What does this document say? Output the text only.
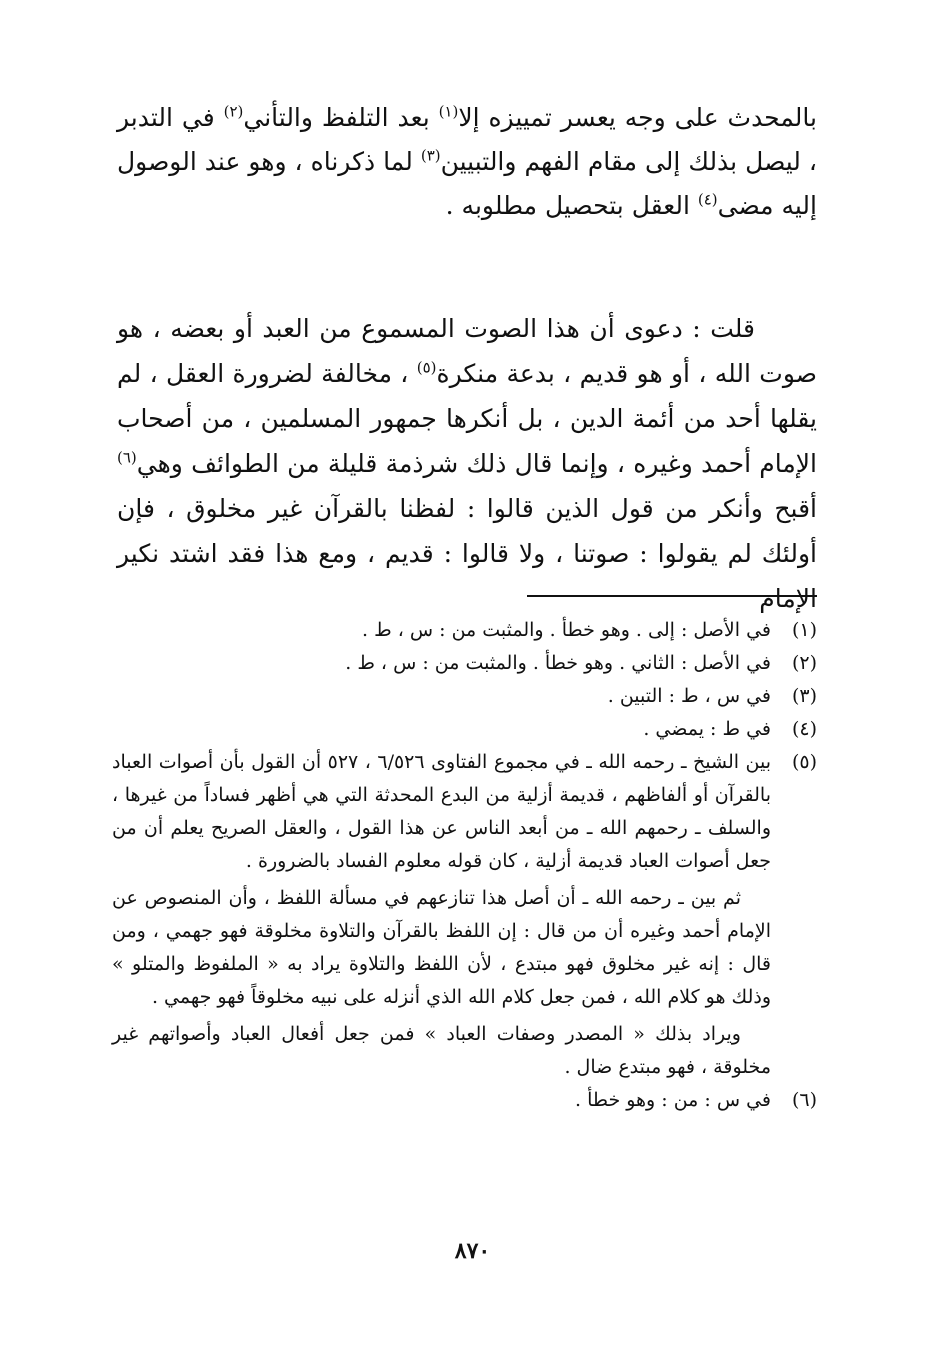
بالمحدث على وجه يعسر تمييزه إلا$^{(١)}$ بعد التلفظ والتأني$^{(٢)}$ في التدبر ، ليصل بذلك إلى مقام الفهم والتبيين$^{(٣)}$ لما ذكرناه ، وهو عند الوصول إليه مضى$^{(٤)}$ العقل بتحصيل مطلوبه .

قلت : دعوى أن هذا الصوت المسموع من العبد أو بعضه ، هو صوت الله ، أو هو قديم ، بدعة منكرة$^{(٥)}$ ، مخالفة لضرورة العقل ، لم يقلها أحد من أئمة الدين ، بل أنكرها جمهور المسلمين ، من أصحاب الإمام أحمد وغيره ، وإنما قال ذلك شرذمة قليلة من الطوائف وهي$^{(٦)}$ أقبح وأنكر من قول الذين قالوا : لفظنا بالقرآن غير مخلوق ، فإن أولئك لم يقولوا : صوتنا ، ولا قالوا : قديم ، ومع هذا فقد اشتد نكير الإمام

(١)

في الأصل : إلى . وهو خطأ . والمثبت من : س ، ط .

(٢)

في الأصل : الثاني . وهو خطأ . والمثبت من : س ، ط .

(٣)

في س ، ط : التبين .

(٤)

في ط : يمضي .

(٥)

بين الشيخ ـ رحمه الله ـ في مجموع الفتاوى ٦/٥٢٦ ، ٥٢٧ أن القول بأن أصوات العباد بالقرآن أو ألفاظهم ، قديمة أزلية من البدع المحدثة التي هي أظهر فساداً من غيرها ، والسلف ـ رحمهم الله ـ من أبعد الناس عن هذا القول ، والعقل الصريح يعلم أن من جعل أصوات العباد قديمة أزلية ، كان قوله معلوم الفساد بالضرورة .

ثم بين ـ رحمه الله ـ أن أصل هذا تنازعهم في مسألة اللفظ ، وأن المنصوص عن الإمام أحمد وغيره أن من قال : إن اللفظ بالقرآن والتلاوة مخلوقة فهو جهمي ، ومن قال : إنه غير مخلوق فهو مبتدع ، لأن اللفظ والتلاوة يراد به « الملفوظ والمتلو » وذلك هو كلام الله ، فمن جعل كلام الله الذي أنزله على نبيه مخلوقاً فهو جهمي .

ويراد بذلك « المصدر وصفات العباد » فمن جعل أفعال العباد وأصواتهم غير مخلوقة ، فهو مبتدع ضال .

(٦)

في س : من : وهو خطأ .

٨٧٠
